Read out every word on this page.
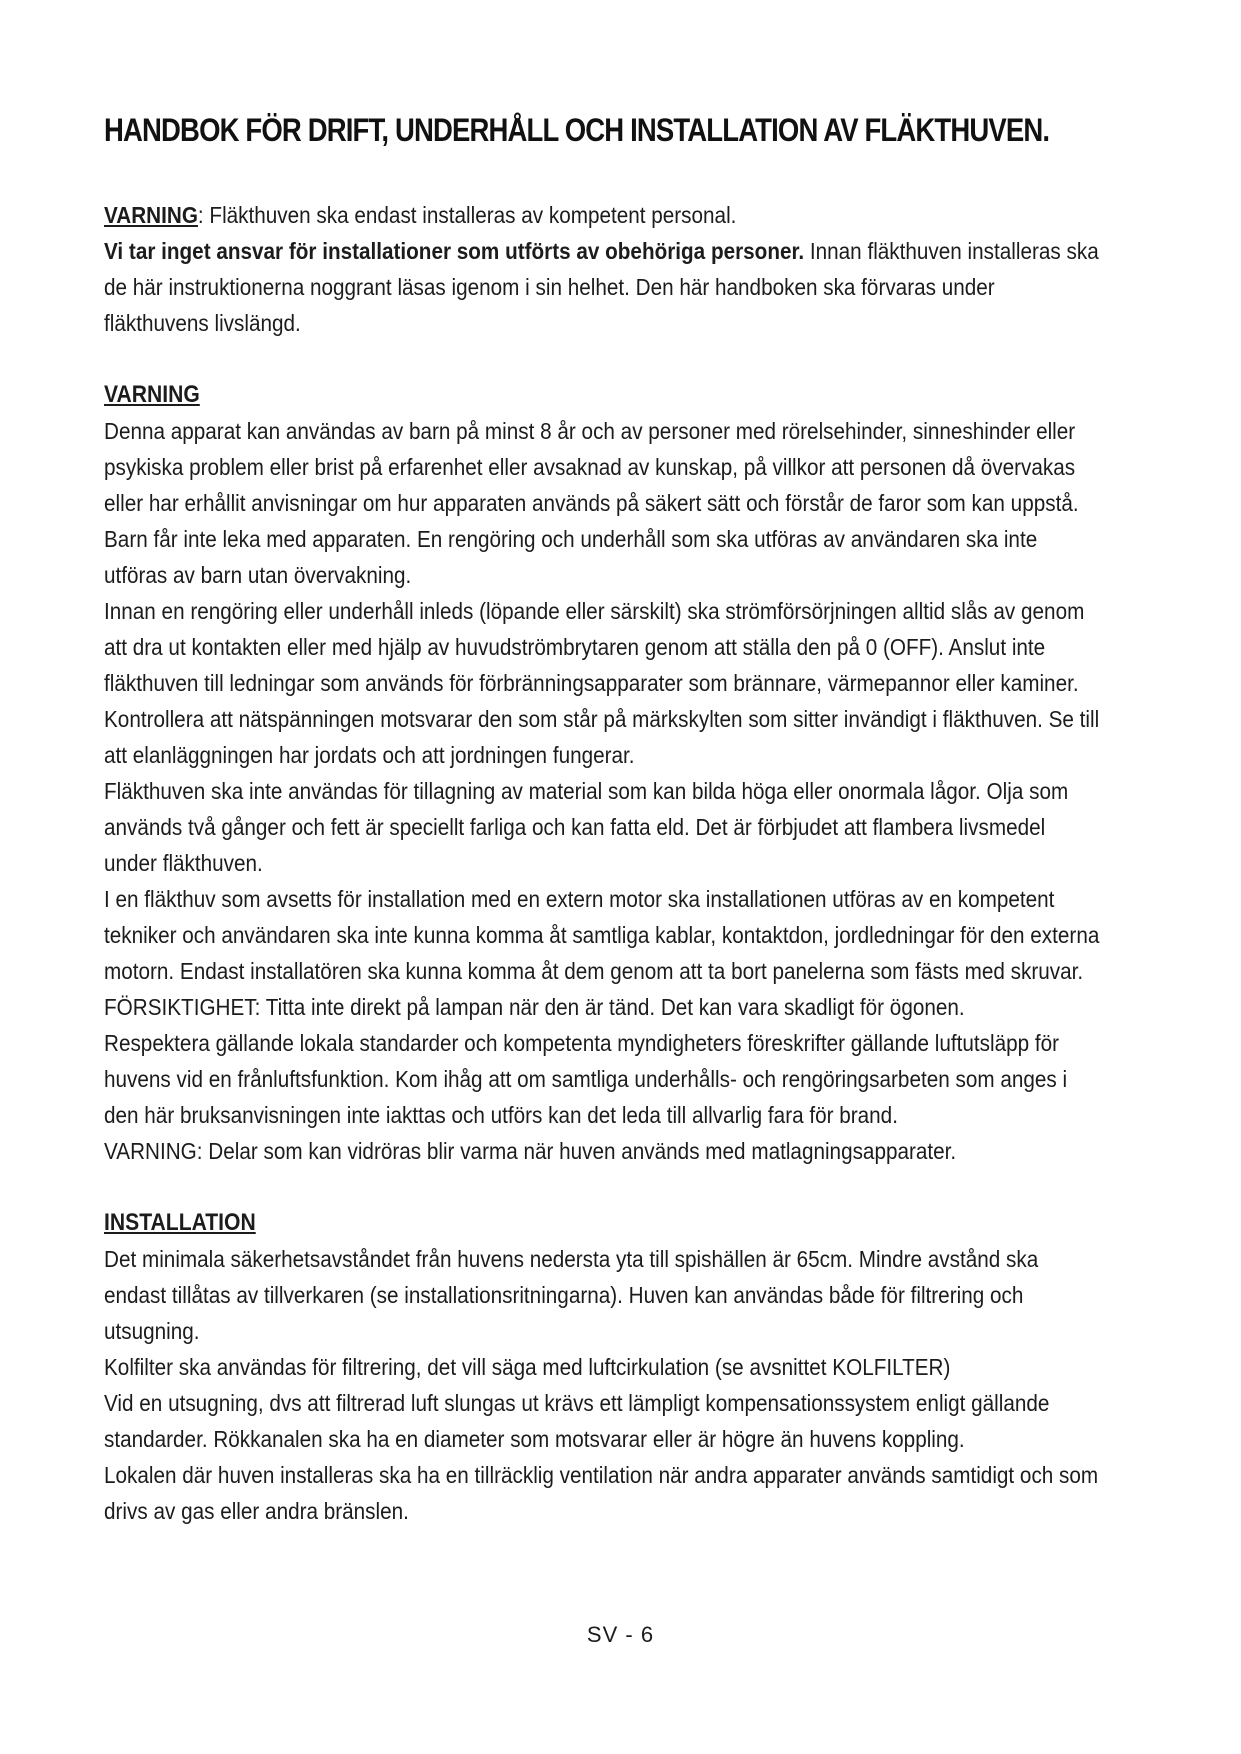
HANDBOK FÖR DRIFT, UNDERHÅLL OCH INSTALLATION AV FLÄKTHUVEN.

VARNING: Fläkthuven ska endast installeras av kompetent personal.
Vi tar inget ansvar för installationer som utförts av obehöriga personer. Innan fläkthuven installeras ska de här instruktionerna noggrant läsas igenom i sin helhet. Den här handboken ska förvaras under fläkthuvens livslängd.

VARNING

Denna apparat kan användas av barn på minst 8 år och av personer med rörelsehinder, sinneshinder eller psykiska problem eller brist på erfarenhet eller avsaknad av kunskap, på villkor att personen då övervakas eller har erhållit anvisningar om hur apparaten används på säkert sätt och förstår de faror som kan uppstå. Barn får inte leka med apparaten. En rengöring och underhåll som ska utföras av användaren ska inte utföras av barn utan övervakning.

Innan en rengöring eller underhåll inleds (löpande eller särskilt) ska strömförsörjningen alltid slås av genom att dra ut kontakten eller med hjälp av huvudströmbrytaren genom att ställa den på 0 (OFF). Anslut inte fläkthuven till ledningar som används för förbränningsapparater som brännare, värmepannor eller kaminer. Kontrollera att nätspänningen motsvarar den som står på märkskylten som sitter invändigt i fläkthuven. Se till att elanläggningen har jordats och att jordningen fungerar.

Fläkthuven ska inte användas för tillagning av material som kan bilda höga eller onormala lågor. Olja som används två gånger och fett är speciellt farliga och kan fatta eld. Det är förbjudet att flambera livsmedel under fläkthuven.

I en fläkthuv som avsetts för installation med en extern motor ska installationen utföras av en kompetent tekniker och användaren ska inte kunna komma åt samtliga kablar, kontaktdon, jordledningar för den externa motorn. Endast installatören ska kunna komma åt dem genom att ta bort panelerna som fästs med skruvar.

FÖRSIKTIGHET: Titta inte direkt på lampan när den är tänd. Det kan vara skadligt för ögonen.

Respektera gällande lokala standarder och kompetenta myndigheters föreskrifter gällande luftutsläpp för huvens vid en frånluftsfunktion. Kom ihåg att om samtliga underhålls- och rengöringsarbeten som anges i den här bruksanvisningen inte iakttas och utförs kan det leda till allvarlig fara för brand.

VARNING: Delar som kan vidröras blir varma när huven används med matlagningsapparater.

INSTALLATION

Det minimala säkerhetsavståndet från huvens nedersta yta till spishällen är 65cm. Mindre avstånd ska endast tillåtas av tillverkaren (se installationsritningarna). Huven kan användas både för filtrering och utsugning.

Kolfilter ska användas för filtrering, det vill säga med luftcirkulation (se avsnittet KOLFILTER)

Vid en utsugning, dvs att filtrerad luft slungas ut krävs ett lämpligt kompensationssystem enligt gällande standarder. Rökkanalen ska ha en diameter som motsvarar eller är högre än huvens koppling.

Lokalen där huven installeras ska ha en tillräcklig ventilation när andra apparater används samtidigt och som drivs av gas eller andra bränslen.

SV - 6
